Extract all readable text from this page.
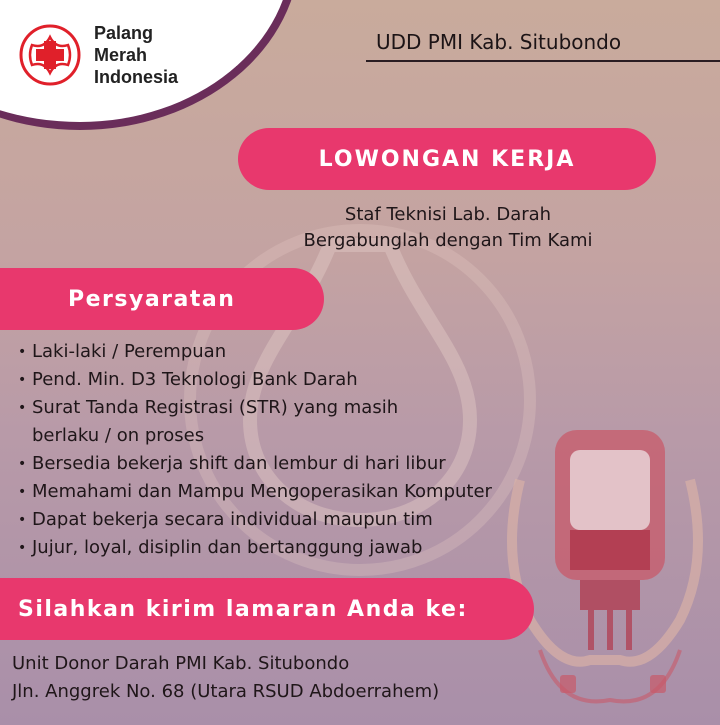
Palang
Merah
Indonesia
UDD PMI Kab. Situbondo
LOWONGAN KERJA
Staf Teknisi Lab. Darah
Bergabunglah dengan Tim Kami
Persyaratan
• Laki-laki / Perempuan
• Pend. Min. D3 Teknologi Bank Darah
• Surat Tanda Registrasi (STR) yang masih
berlaku / on proses
• Bersedia bekerja shift dan lembur di hari libur
• Memahami dan Mampu Mengoperasikan Komputer
• Dapat bekerja secara individual maupun tim
• Jujur, loyal, disiplin dan bertanggung jawab
Silahkan kirim lamaran Anda ke:
Unit Donor Darah PMI Kab. Situbondo
Jln. Anggrek No. 68 (Utara RSUD Abdoerrahem)
